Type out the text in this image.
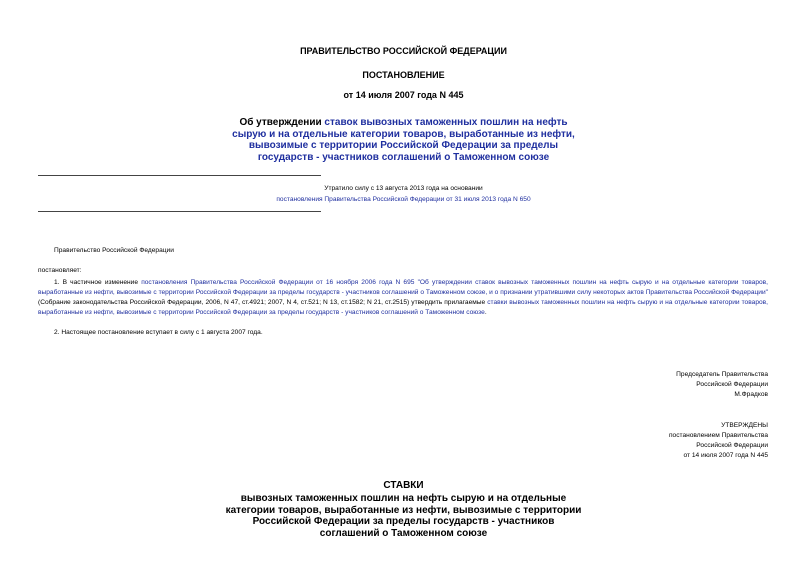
ПРАВИТЕЛЬСТВО РОССИЙСКОЙ ФЕДЕРАЦИИ
ПОСТАНОВЛЕНИЕ
от 14 июля 2007 года N 445
Об утверждении ставок вывозных таможенных пошлин на нефть
сырую и на отдельные категории товаров, выработанные из нефти,
вывозимые с территории Российской Федерации за пределы
государств - участников соглашений о Таможенном союзе
Утратило силу с 13 августа 2013 года на основании
постановления Правительства Российской Федерации от 31 июля 2013 года N 650
Правительство Российской Федерации
постановляет:
1. В частичное изменение постановления Правительства Российской Федерации от 16 ноября 2006 года N 695 "Об утверждении ставок вывозных таможенных пошлин на нефть сырую и на отдельные категории товаров, выработанные из нефти, вывозимые с территории Российской Федерации за пределы государств - участников соглашений о Таможенном союзе, и о признании утратившими силу некоторых актов Правительства Российской Федерации" (Собрание законодательства Российской Федерации, 2006, N 47, ст.4921; 2007, N 4, ст.521; N 13, ст.1582; N 21, ст.2515) утвердить прилагаемые ставки вывозных таможенных пошлин на нефть сырую и на отдельные категории товаров, выработанные из нефти, вывозимые с территории Российской Федерации за пределы государств - участников соглашений о Таможенном союзе.
2. Настоящее постановление вступает в силу с 1 августа 2007 года.
Председатель Правительства
Российской Федерации
М.Фрадков
УТВЕРЖДЕНЫ
постановлением Правительства
Российской Федерации
от 14 июля 2007 года N 445
СТАВКИ
вывозных таможенных пошлин на нефть сырую и на отдельные
категории товаров, выработанные из нефти, вывозимые с территории
Российской Федерации за пределы государств - участников
соглашений о Таможенном союзе
